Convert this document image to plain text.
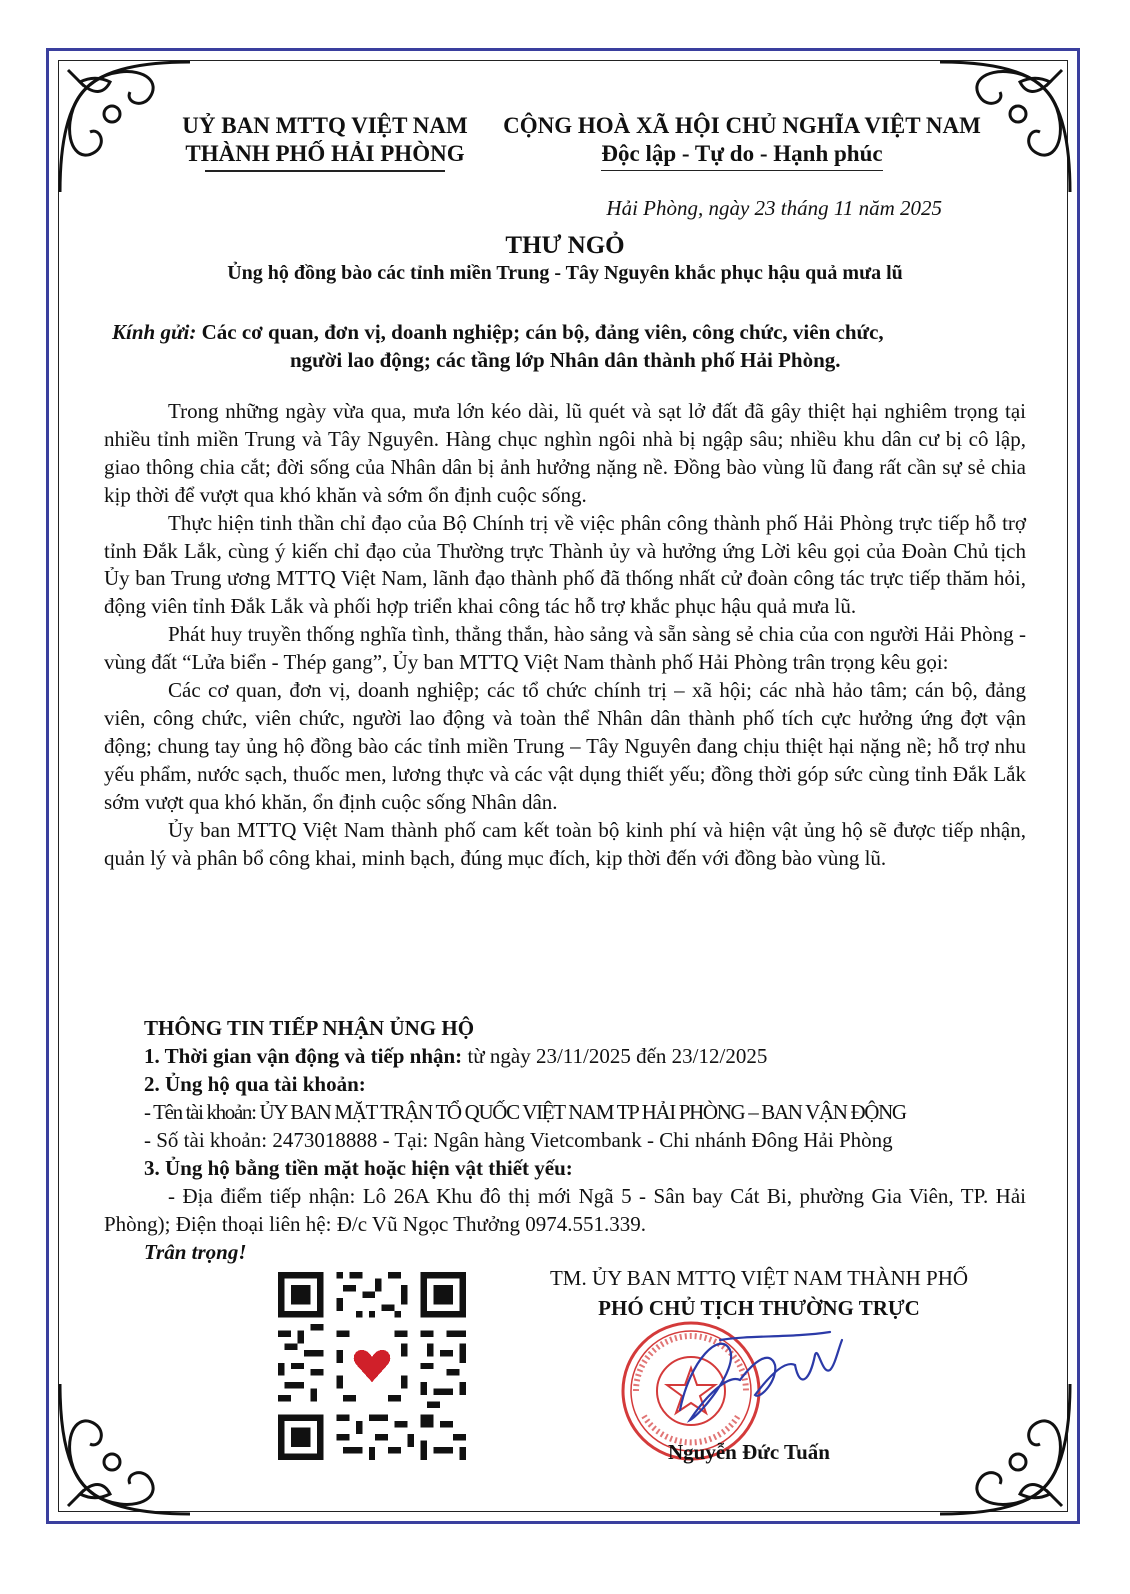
UỶ BAN MTTQ VIỆT NAM
THÀNH PHỐ HẢI PHÒNG
CỘNG HOÀ XÃ HỘI CHỦ NGHĨA VIỆT NAM
Độc lập - Tự do - Hạnh phúc
Hải Phòng, ngày 23 tháng 11 năm 2025
THƯ NGỎ
Ủng hộ đồng bào các tỉnh miền Trung - Tây Nguyên khắc phục hậu quả mưa lũ
Kính gửi: Các cơ quan, đơn vị, doanh nghiệp; cán bộ, đảng viên, công chức, viên chức,
người lao động; các tầng lớp Nhân dân thành phố Hải Phòng.

Trong những ngày vừa qua, mưa lớn kéo dài, lũ quét và sạt lở đất đã gây thiệt hại nghiêm trọng tại nhiều tỉnh miền Trung và Tây Nguyên. Hàng chục nghìn ngôi nhà bị ngập sâu; nhiều khu dân cư bị cô lập, giao thông chia cắt; đời sống của Nhân dân bị ảnh hưởng nặng nề. Đồng bào vùng lũ đang rất cần sự sẻ chia kịp thời để vượt qua khó khăn và sớm ổn định cuộc sống.

Thực hiện tinh thần chỉ đạo của Bộ Chính trị về việc phân công thành phố Hải Phòng trực tiếp hỗ trợ tỉnh Đắk Lắk, cùng ý kiến chỉ đạo của Thường trực Thành ủy và hưởng ứng Lời kêu gọi của Đoàn Chủ tịch Ủy ban Trung ương MTTQ Việt Nam, lãnh đạo thành phố đã thống nhất cử đoàn công tác trực tiếp thăm hỏi, động viên tỉnh Đắk Lắk và phối hợp triển khai công tác hỗ trợ khắc phục hậu quả mưa lũ.

Phát huy truyền thống nghĩa tình, thẳng thắn, hào sảng và sẵn sàng sẻ chia của con người Hải Phòng - vùng đất “Lửa biển - Thép gang”, Ủy ban MTTQ Việt Nam thành phố Hải Phòng trân trọng kêu gọi:

Các cơ quan, đơn vị, doanh nghiệp; các tổ chức chính trị – xã hội; các nhà hảo tâm; cán bộ, đảng viên, công chức, viên chức, người lao động và toàn thể Nhân dân thành phố tích cực hưởng ứng đợt vận động; chung tay ủng hộ đồng bào các tỉnh miền Trung – Tây Nguyên đang chịu thiệt hại nặng nề; hỗ trợ nhu yếu phẩm, nước sạch, thuốc men, lương thực và các vật dụng thiết yếu; đồng thời góp sức cùng tỉnh Đắk Lắk sớm vượt qua khó khăn, ổn định cuộc sống Nhân dân.

Ủy ban MTTQ Việt Nam thành phố cam kết toàn bộ kinh phí và hiện vật ủng hộ sẽ được tiếp nhận, quản lý và phân bổ công khai, minh bạch, đúng mục đích, kịp thời đến với đồng bào vùng lũ.

THÔNG TIN TIẾP NHẬN ỦNG HỘ
1. Thời gian vận động và tiếp nhận: từ ngày 23/11/2025 đến 23/12/2025
2. Ủng hộ qua tài khoản:
- Tên tài khoản: ỦY BAN MẶT TRẬN TỔ QUỐC VIỆT NAM TP HẢI PHÒNG – BAN VẬN ĐỘNG
- Số tài khoản: 2473018888 - Tại: Ngân hàng Vietcombank - Chi nhánh Đông Hải Phòng
3. Ủng hộ bằng tiền mặt hoặc hiện vật thiết yếu:
- Địa điểm tiếp nhận: Lô 26A Khu đô thị mới Ngã 5 - Sân bay Cát Bi, phường Gia Viên, TP. Hải Phòng); Điện thoại liên hệ: Đ/c Vũ Ngọc Thưởng 0974.551.339.
Trân trọng!
TM. ỦY BAN MTTQ VIỆT NAM THÀNH PHỐ
PHÓ CHỦ TỊCH THƯỜNG TRỰC
Nguyễn Đức Tuấn
